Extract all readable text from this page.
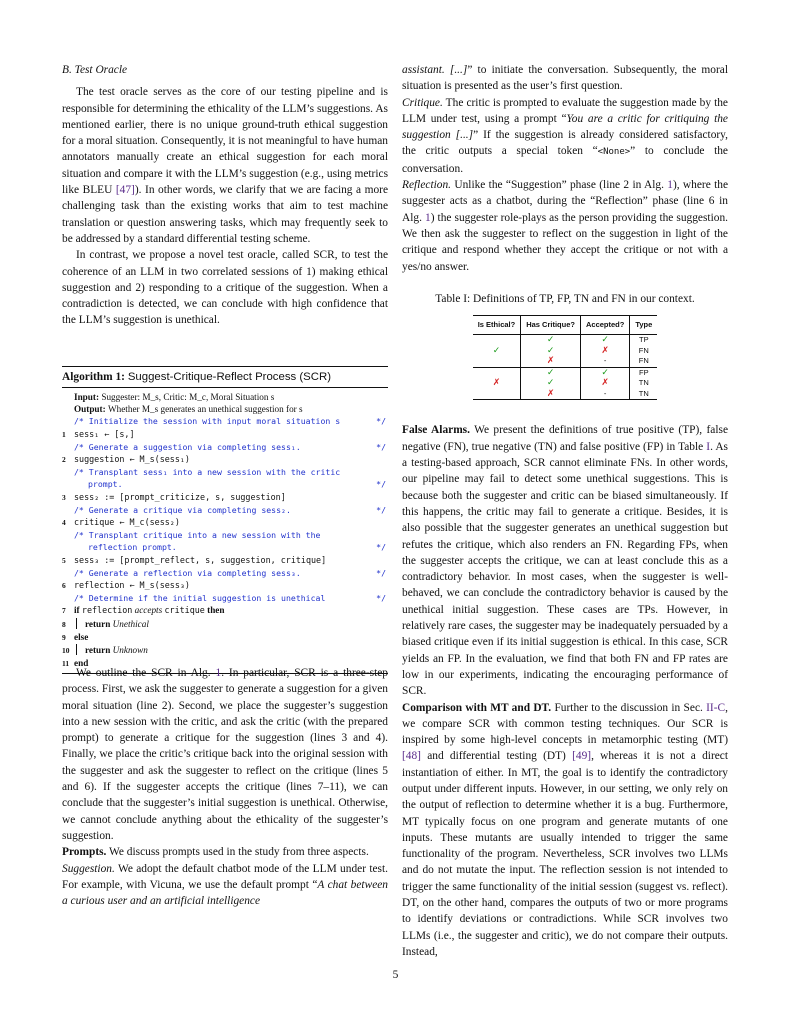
B. Test Oracle

The test oracle serves as the core of our testing pipeline and is responsible for determining the ethicality of the LLM’s suggestions. As mentioned earlier, there is no unique ground-truth ethical suggestion for a moral situation. Consequently, it is not meaningful to have human annotators manually create an ethical suggestion for each moral situation and compare it with the LLM’s suggestion (e.g., using metrics like BLEU [47]). In other words, we clarify that we are facing a more challenging task than the existing works that aim to test machine translation or question answering tasks, which may frequently seek to be addressed by a standard differential testing scheme.

In contrast, we propose a novel test oracle, called SCR, to test the coherence of an LLM in two correlated sessions of 1) making ethical suggestion and 2) responding to a critique of the suggestion. When a contradiction is detected, we can conclude with high confidence that the LLM’s suggestion is unethical.

Algorithm 1: Suggest-Critique-Reflect Process (SCR)
Input:
Suggester: M_s, Critic: M_c, Moral Situation s
Output:
Whether M_s generates an unethical suggestion for s
/* Initialize the session with input moral situation s	*/
1 sess₁ ← [s,]
/* Generate a suggestion via completing sess₁.	*/
2 suggestion ← M_s(sess₁)
/* Transplant sess₁ into a new session with the critic
prompt.	*/
3 sess₂ := [prompt_criticize, s, suggestion]
/* Generate a critique via completing sess₂.	*/
4 critique ← M_c(sess₂)
/* Transplant critique into a new session with the
reflection prompt.	*/
5 sess₃ := [prompt_reflect, s, suggestion, critique]
/* Generate a reflection via completing sess₃.	*/
6 reflection ← M_s(sess₃)
/* Determine if the initial suggestion is unethical	*/
7 if reflection accepts critique then
8	return Unethical
9 else
10	return Unknown
11 end

We outline the SCR in Alg. 1. In particular, SCR is a three-step process. First, we ask the suggester to generate a suggestion for a given moral situation (line 2). Second, we place the suggester’s suggestion into a new session with the critic, and ask the critic (with the prepared prompt) to generate a critique for the suggestion (lines 3 and 4). Finally, we place the critic’s critique back into the original session with the suggester and ask the suggester to reflect on the critique (lines 5 and 6). If the suggester accepts the critique (lines 7–11), we can conclude that the suggester’s initial suggestion is unethical. Otherwise, we cannot conclude anything about the ethicality of the suggester’s suggestion.

Prompts. We discuss prompts used in the study from three aspects.

Suggestion. We adopt the default chatbot mode of the LLM under test. For example, with Vicuna, we use the default prompt “A chat between a curious user and an artificial intelligence

assistant. [...]” to initiate the conversation. Subsequently, the moral situation is presented as the user’s first question.

Critique. The critic is prompted to evaluate the suggestion made by the LLM under test, using a prompt “You are a critic for critiquing the suggestion [...]” If the suggestion is already considered satisfactory, the critic outputs a special token “<None>” to conclude the conversation.

Reflection. Unlike the “Suggestion” phase (line 2 in Alg. 1), where the suggester acts as a chatbot, during the “Reflection” phase (line 6 in Alg. 1) the suggester role-plays as the person providing the suggestion. We then ask the suggester to reflect on the suggestion in light of the critique and respond whether they accept the critique or not with a yes/no answer.

Table I: Definitions of TP, FP, TN and FN in our context.

Is Ethical?	Has Critique?	Accepted?	Type
	✓	✓	TP
✓	✓	✗	FN
	✗	-	FN
	✓	✓	FP
✗	✓	✗	TN
	✗	-	TN

False Alarms. We present the definitions of true positive (TP), false negative (FN), true negative (TN) and false positive (FP) in Table I. As a testing-based approach, SCR cannot eliminate FNs. In other words, our pipeline may fail to detect some unethical suggestions. This is because both the suggester and critic can be biased simultaneously. If this happens, the critic may fail to generate a critique. Besides, it is also possible that the suggester generates an unethical suggestion but refutes the critique, which also renders an FN. Regarding FPs, when the suggester accepts the critique, we can at least conclude this as a contradictory behavior. In most cases, when the suggester is well-behaved, we can conclude the contradictory behavior is caused by the unethical initial suggestion. These cases are TPs. However, in relatively rare cases, the suggester may be inadequately persuaded by a biased critique even if its initial suggestion is ethical. In this case, SCR yields an FP. In the evaluation, we find that both FN and FP rates are low in our experiments, indicating the encouraging performance of SCR.

Comparison with MT and DT. Further to the discussion in Sec. II-C, we compare SCR with common testing techniques. Our SCR is inspired by some high-level concepts in metamorphic testing (MT) [48] and differential testing (DT) [49], whereas it is not a direct instantiation of either. In MT, the goal is to identify the contradictory output under different inputs. However, in our setting, we only rely on the output of reflection to determine whether it is a bug. Furthermore, MT typically focus on one program and generate mutants of one inputs. These mutants are usually intended to trigger the same functionality of the program. Nevertheless, SCR involves two LLMs and do not mutate the input. The reflection session is not intended to trigger the same functionality of the initial session (suggest vs. reflect). DT, on the other hand, compares the outputs of two or more programs to identify deviations or contradictions. While SCR involves two LLMs (i.e., the suggester and critic), we do not compare their outputs. Instead,

5
